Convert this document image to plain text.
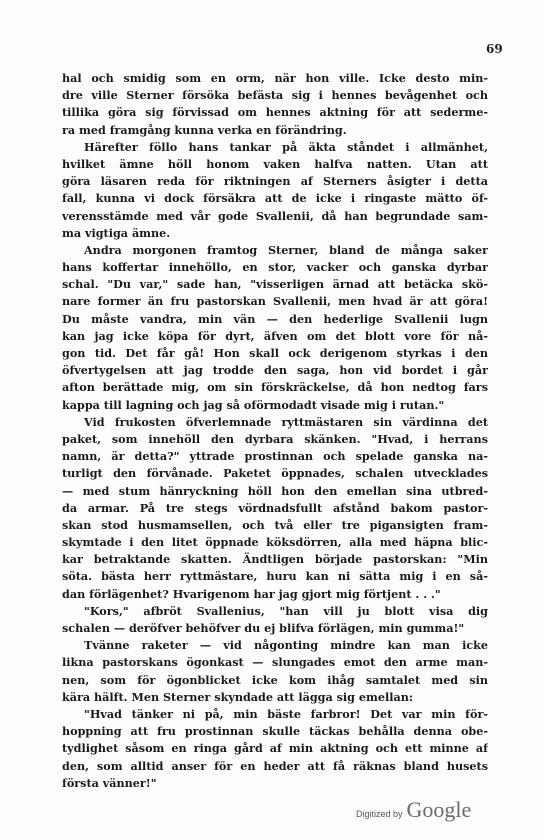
69
hal och smidig som en orm, när hon ville. Icke desto min-
dre ville Sterner försöka befästa sig i hennes bevågenhet och
tillika göra sig förvissad om hennes aktning för att sederme-
ra med framgång kunna verka en förändring.
Härefter föllo hans tankar på äkta ståndet i allmänhet,
hvilket ämne höll honom vaken halfva natten. Utan att
göra läsaren reda för riktningen af Sterners åsigter i detta
fall, kunna vi dock försäkra att de icke i ringaste mätto öf-
verensstämde med vår gode Svallenii, då han begrundade sam-
ma vigtiga ämne.
Andra morgonen framtog Sterner, bland de många saker
hans koffertar innehöllo, en stor, vacker och ganska dyrbar
schal. "Du var," sade han, "visserligen ärnad att betäcka skö-
nare former än fru pastorskan Svallenii, men hvad är att göra!
Du måste vandra, min vän — den hederlige Svallenii lugn
kan jag icke köpa för dyrt, äfven om det blott vore för nå-
gon tid. Det får gå! Hon skall ock derigenom styrkas i den
öfvertygelsen att jag trodde den saga, hon vid bordet i går
afton berättade mig, om sin förskräckelse, då hon nedtog fars
kappa till lagning och jag så oförmodadt visade mig i rutan."
Vid frukosten öfverlemnade ryttmästaren sin värdinna det
paket, som innehöll den dyrbara skänken. "Hvad, i herrans
namn, är detta?" yttrade prostinnan och spelade ganska na-
turligt den förvånade. Paketet öppnades, schalen utvecklades
— med stum hänryckning höll hon den emellan sina utbred-
da armar. På tre stegs vördnadsfullt afstånd bakom pastor-
skan stod husmamsellen, och två eller tre pigansigten fram-
skymtade i den litet öppnade köksdörren, alla med häpna blic-
kar betraktande skatten. Ändtligen började pastorskan: "Min
söta. bästa herr ryttmästare, huru kan ni sätta mig i en så-
dan förlägenhet? Hvarigenom har jag gjort mig förtjent . . ."
"Kors," afbröt Svallenius, "han vill ju blott visa dig
schalen — deröfver behöfver du ej blifva förlägen, min gumma!"
Tvänne raketer — vid någonting mindre kan man icke
likna pastorskans ögonkast — slungades emot den arme man-
nen, som för ögonblicket icke kom ihåg samtalet med sin
kära hälft. Men Sterner skyndade att lägga sig emellan:
"Hvad tänker ni på, min bäste farbror! Det var min för-
hoppning att fru prostinnan skulle täckas behålla denna obe-
tydlighet såsom en ringa gård af min aktning och ett minne af
den, som alltid anser för en heder att få räknas bland husets
första vänner!"
Digitized by Google
